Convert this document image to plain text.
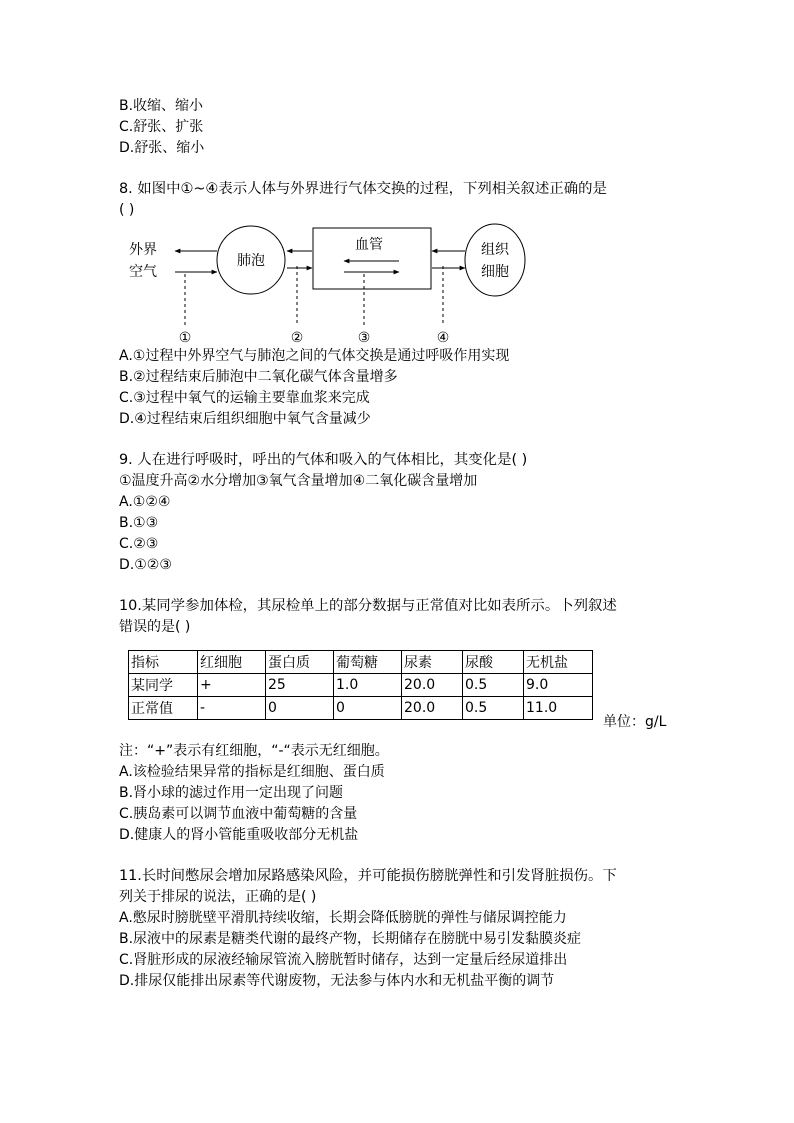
B.收缩、缩小
C.舒张、扩张
D.舒张、缩小
8. 如图中①~④表示人体与外界进行气体交换的过程，下列相关叙述正确的是
( )
外界
空气
肺泡
血管	组织
细胞
①	②	③	④
A.①过程中外界空气与肺泡之间的气体交换是通过呼吸作用实现
B.②过程结束后肺泡中二氧化碳气体含量增多
C.③过程中氧气的运输主要靠血浆来完成
D.④过程结束后组织细胞中氧气含量减少
9. 人在进行呼吸时，呼出的气体和吸入的气体相比，其变化是( )
①温度升高②水分增加③氧气含量增加④二氧化碳含量增加
A.①②④
B.①③
C.②③
D.①②③
10.某同学参加体检，其尿检单上的部分数据与正常值对比如表所示。卜列叙述
错误的是( )
指标	红细胞	蛋白质	葡萄糖	尿素	尿酸	无机盐
某同学	+	25	1.0	20.0	0.5	9.0
正常值	-	0	0	20.0	0.5	11.0
单位：g/L
注：“+”表示有红细胞，“-“表示无红细胞。
A.该检验结果异常的指标是红细胞、蛋白质
B.肾小球的滤过作用一定出现了问题
C.胰岛素可以调节血液中葡萄糖的含量
D.健康人的肾小管能重吸收部分无机盐
11.长时间憋尿会增加尿路感染风险，并可能损伤膀胱弹性和引发肾脏损伤。下
列关于排尿的说法，正确的是( )
A.憋尿时膀胱壁平滑肌持续收缩，长期会降低膀胱的弹性与储尿调控能力
B.尿液中的尿素是糖类代谢的最终产物，长期储存在膀胱中易引发黏膜炎症
C.肾脏形成的尿液经输尿管流入膀胱暂时储存，达到一定量后经尿道排出
D.排尿仅能排出尿素等代谢废物，无法参与体内水和无机盐平衡的调节
